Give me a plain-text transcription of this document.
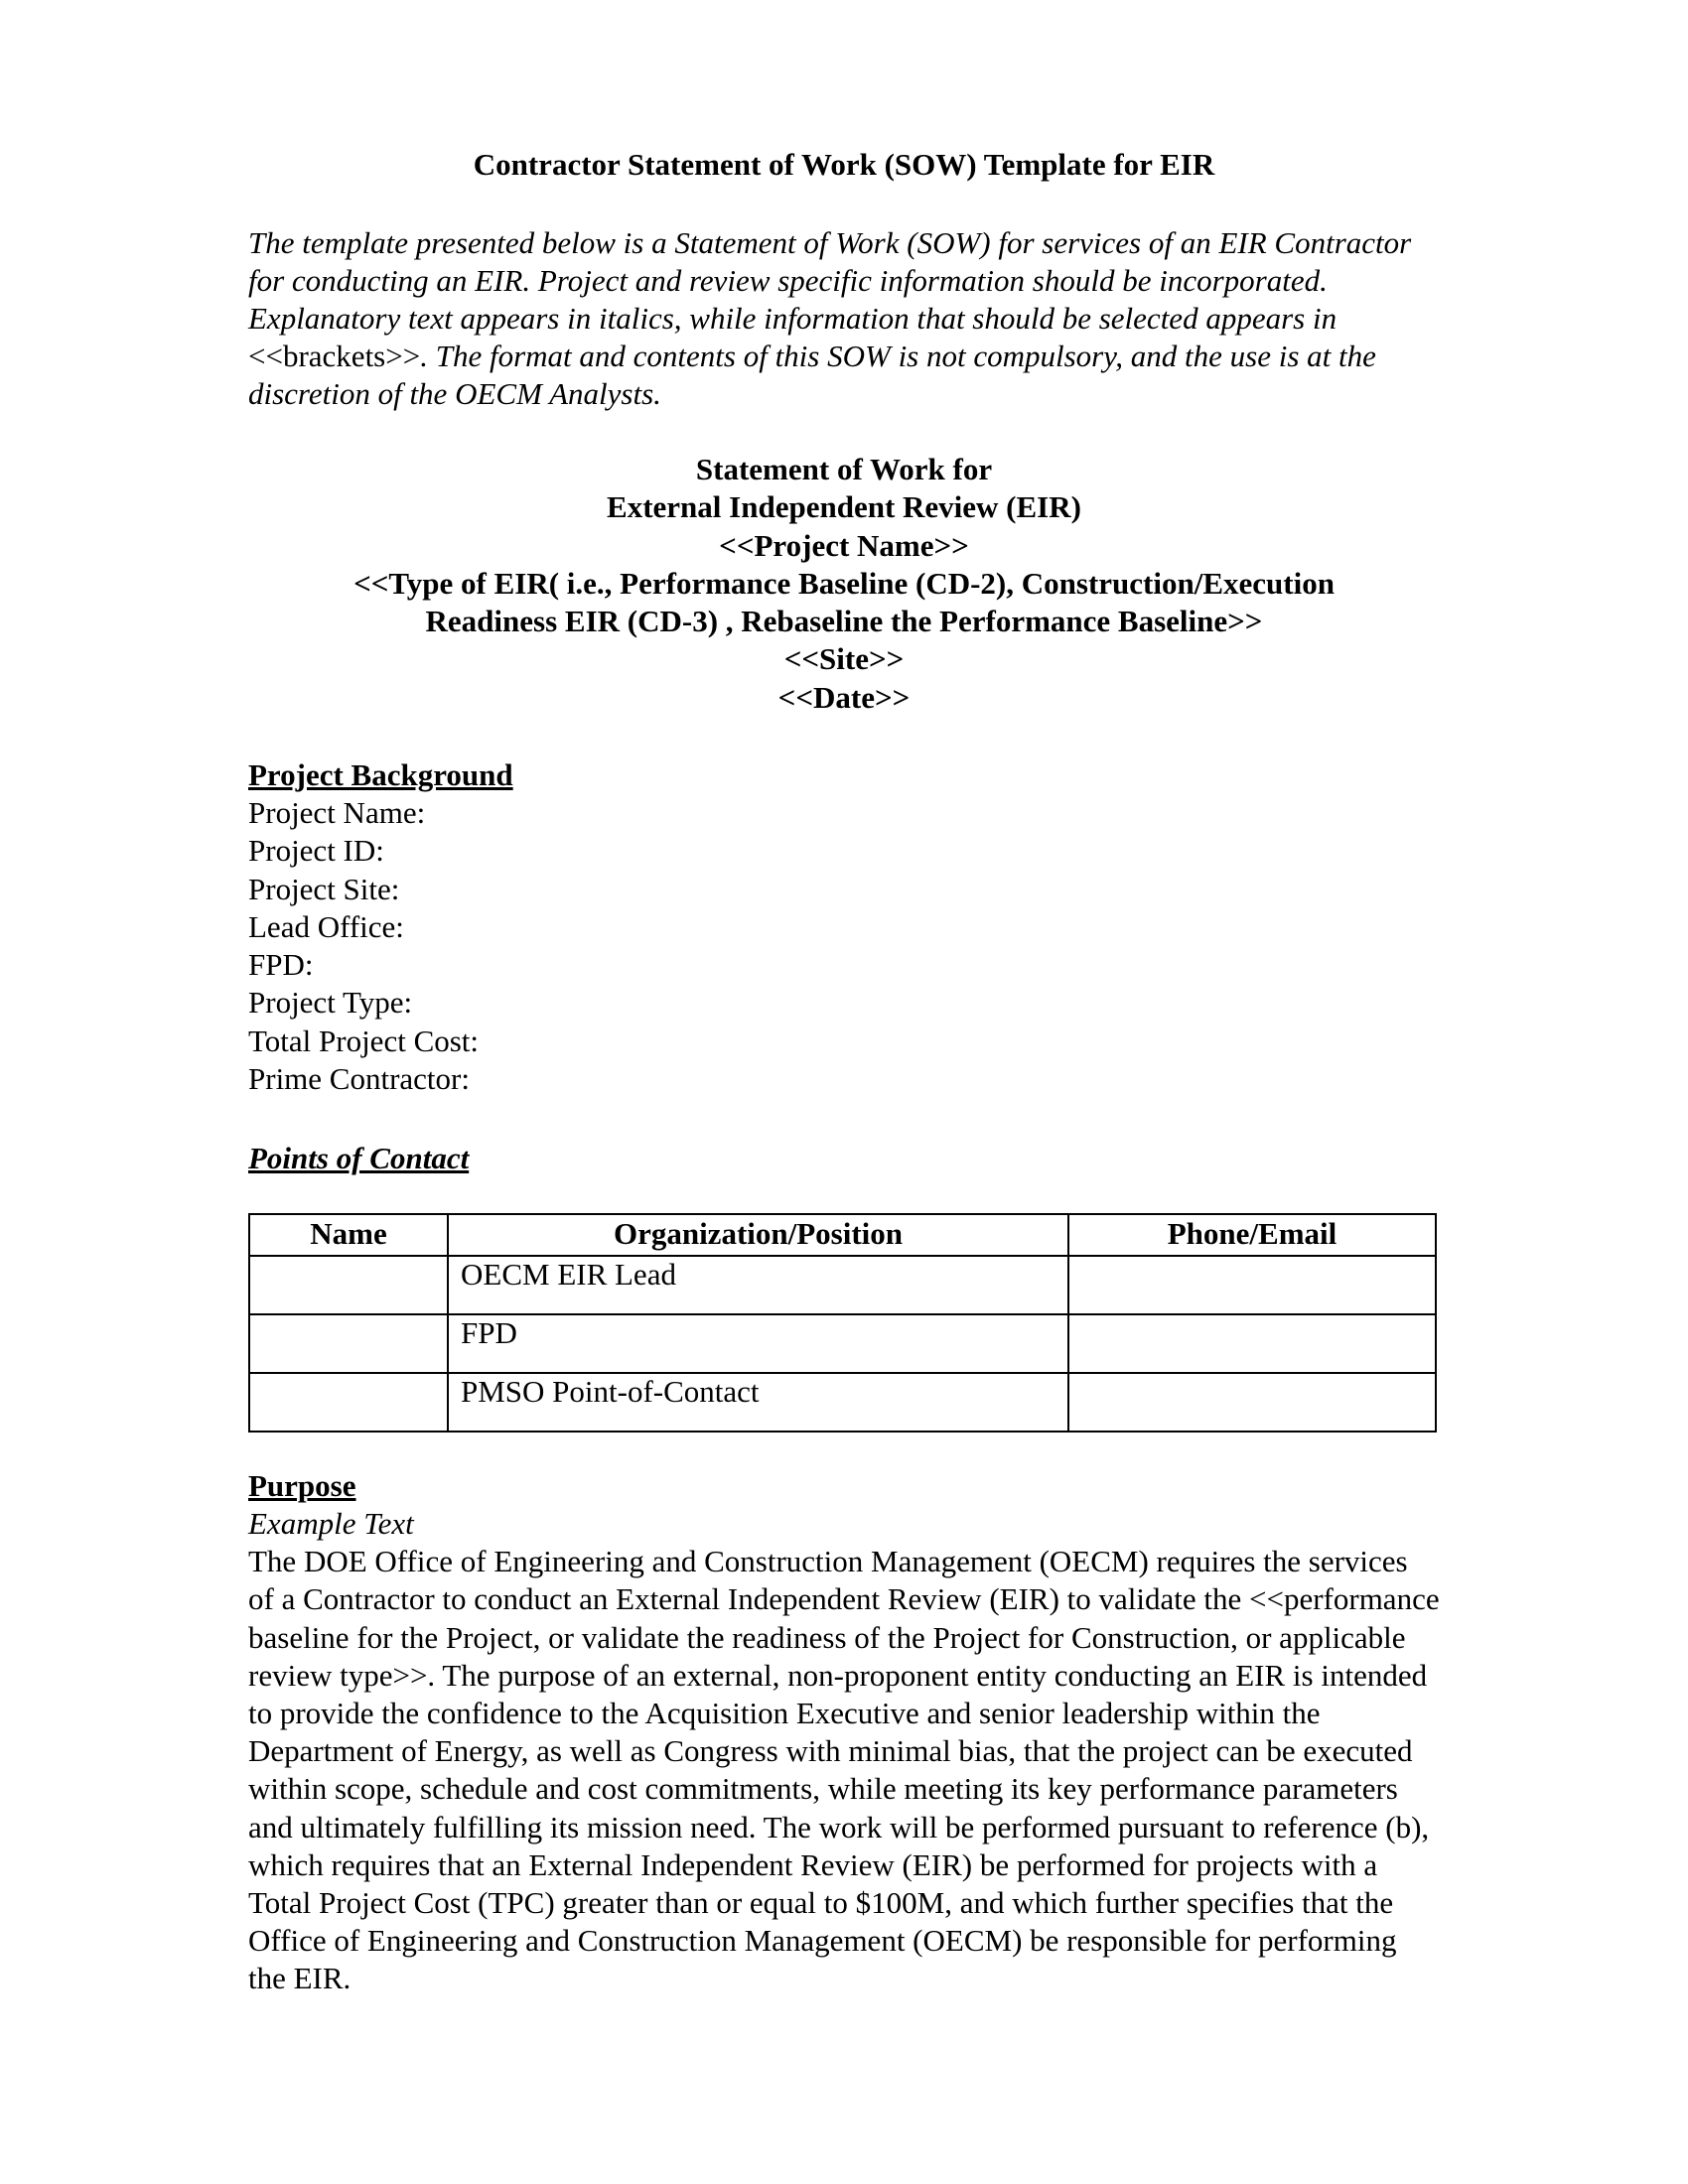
Contractor Statement of Work (SOW) Template for EIR
The template presented below is a Statement of Work (SOW) for services of an EIR Contractor for conducting an EIR. Project and review specific information should be incorporated. Explanatory text appears in italics, while information that should be selected appears in <<brackets>>. The format and contents of this SOW is not compulsory, and the use is at the discretion of the OECM Analysts.
Statement of Work for
External Independent Review (EIR)
<<Project Name>>
<<Type of EIR( i.e., Performance Baseline (CD-2), Construction/Execution
Readiness EIR (CD-3) , Rebaseline the Performance Baseline>>
<<Site>>
<<Date>>
Project Background
Project Name:
Project ID:
Project Site:
Lead Office:
FPD:
Project Type:
Total Project Cost:
Prime Contractor:
Points of Contact
Name	Organization/Position	Phone/Email
	OECM EIR Lead	
	FPD	
	PMSO Point-of-Contact	
Purpose
Example Text
The DOE Office of Engineering and Construction Management (OECM) requires the services of a Contractor to conduct an External Independent Review (EIR) to validate the <<performance baseline for the Project, or validate the readiness of the Project for Construction, or applicable review type>>. The purpose of an external, non-proponent entity conducting an EIR is intended to provide the confidence to the Acquisition Executive and senior leadership within the Department of Energy, as well as Congress with minimal bias, that the project can be executed within scope, schedule and cost commitments, while meeting its key performance parameters and ultimately fulfilling its mission need. The work will be performed pursuant to reference (b), which requires that an External Independent Review (EIR) be performed for projects with a Total Project Cost (TPC) greater than or equal to $100M, and which further specifies that the Office of Engineering and Construction Management (OECM) be responsible for performing the EIR.
